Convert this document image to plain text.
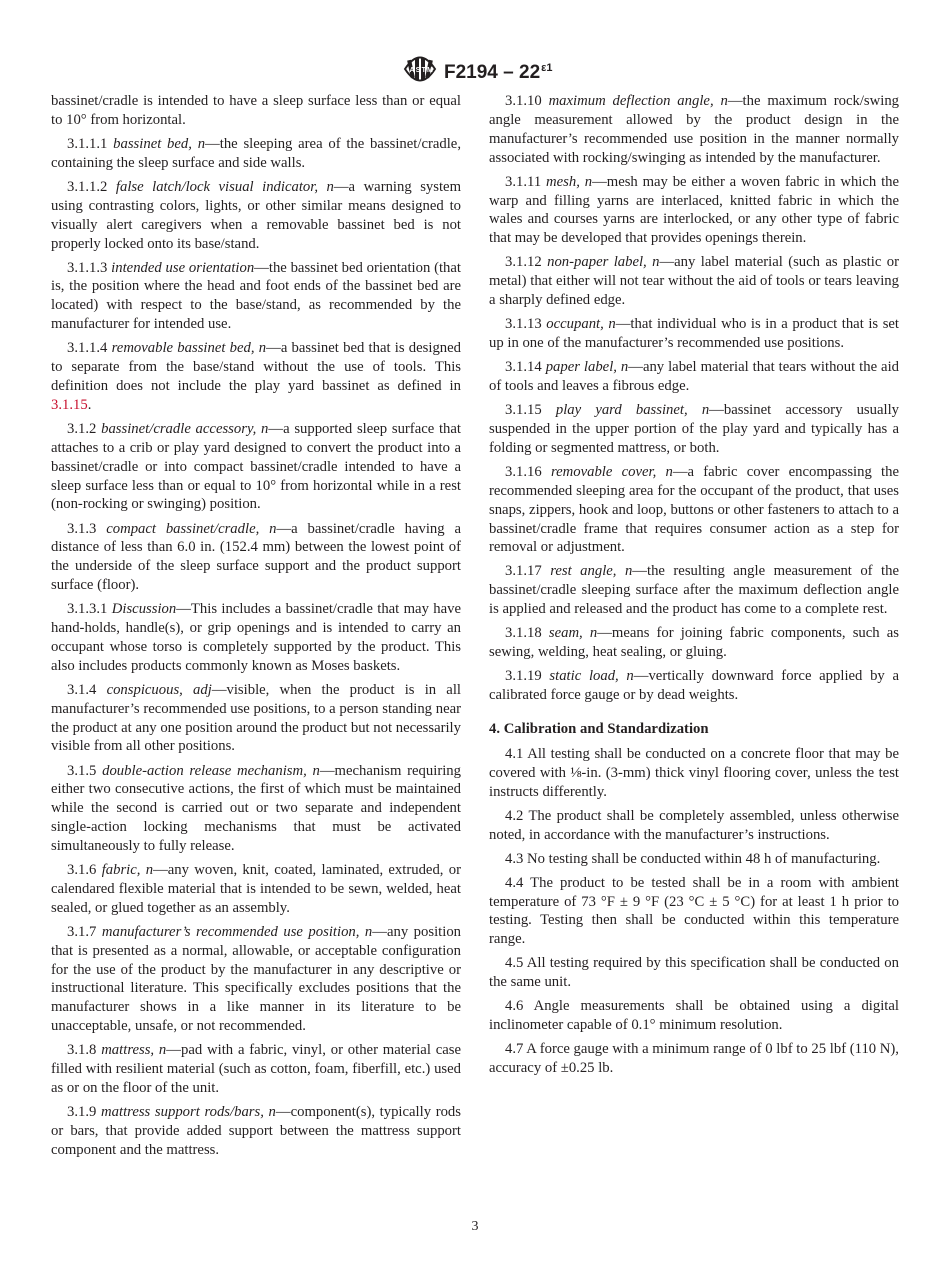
A S T M $F2194 - 22^{\varepsilon 1}$

bassinet/cradle is intended to have a sleep surface less than or equal to 10° from horizontal.

3.1.1.1 bassinet bed, n—the sleeping area of the bassinet/cradle, containing the sleep surface and side walls.

3.1.1.2 false latch/lock visual indicator, n—a warning system using contrasting colors, lights, or other similar means designed to visually alert caregivers when a removable bassinet bed is not properly locked onto its base/stand.

3.1.1.3 intended use orientation—the bassinet bed orientation (that is, the position where the head and foot ends of the bassinet bed are located) with respect to the base/stand, as recommended by the manufacturer for intended use.

3.1.1.4 removable bassinet bed, n—a bassinet bed that is designed to separate from the base/stand without the use of tools. This definition does not include the play yard bassinet as defined in 3.1.15.

3.1.2 bassinet/cradle accessory, n—a supported sleep surface that attaches to a crib or play yard designed to convert the product into a bassinet/cradle or into compact bassinet/cradle intended to have a sleep surface less than or equal to 10° from horizontal while in a rest (non-rocking or swinging) position.

3.1.3 compact bassinet/cradle, n—a bassinet/cradle having a distance of less than 6.0 in. (152.4 mm) between the lowest point of the underside of the sleep surface support and the product support surface (floor).

3.1.3.1 Discussion—This includes a bassinet/cradle that may have hand-holds, handle(s), or grip openings and is intended to carry an occupant whose torso is completely supported by the product. This also includes products commonly known as Moses baskets.

3.1.4 conspicuous, adj—visible, when the product is in all manufacturer’s recommended use positions, to a person standing near the product at any one position around the product but not necessarily visible from all other positions.

3.1.5 double-action release mechanism, n—mechanism requiring either two consecutive actions, the first of which must be maintained while the second is carried out or two separate and independent single-action locking mechanisms that must be activated simultaneously to fully release.

3.1.6 fabric, n—any woven, knit, coated, laminated, extruded, or calendared flexible material that is intended to be sewn, welded, heat sealed, or glued together as an assembly.

3.1.7 manufacturer’s recommended use position, n—any position that is presented as a normal, allowable, or acceptable configuration for the use of the product by the manufacturer in any descriptive or instructional literature. This specifically excludes positions that the manufacturer shows in a like manner in its literature to be unacceptable, unsafe, or not recommended.

3.1.8 mattress, n—pad with a fabric, vinyl, or other material case filled with resilient material (such as cotton, foam, fiberfill, etc.) used as or on the floor of the unit.

3.1.9 mattress support rods/bars, n—component(s), typically rods or bars, that provide added support between the mattress support component and the mattress.

3.1.10 maximum deflection angle, n—the maximum rock/swing angle measurement allowed by the product design in the manufacturer’s recommended use position in the manner normally associated with rocking/swinging as intended by the manufacturer.

3.1.11 mesh, n—mesh may be either a woven fabric in which the warp and filling yarns are interlaced, knitted fabric in which the wales and courses yarns are interlocked, or any other type of fabric that may be developed that provides openings therein.

3.1.12 non-paper label, n—any label material (such as plastic or metal) that either will not tear without the aid of tools or tears leaving a sharply defined edge.

3.1.13 occupant, n—that individual who is in a product that is set up in one of the manufacturer’s recommended use positions.

3.1.14 paper label, n—any label material that tears without the aid of tools and leaves a fibrous edge.

3.1.15 play yard bassinet, n—bassinet accessory usually suspended in the upper portion of the play yard and typically has a folding or segmented mattress, or both.

3.1.16 removable cover, n—a fabric cover encompassing the recommended sleeping area for the occupant of the product, that uses snaps, zippers, hook and loop, buttons or other fasteners to attach to a bassinet/cradle frame that requires consumer action as a step for removal or adjustment.

3.1.17 rest angle, n—the resulting angle measurement of the bassinet/cradle sleeping surface after the maximum deflection angle is applied and released and the product has come to a complete rest.

3.1.18 seam, n—means for joining fabric components, such as sewing, welding, heat sealing, or gluing.

3.1.19 static load, n—vertically downward force applied by a calibrated force gauge or by dead weights.

4. Calibration and Standardization

4.1 All testing shall be conducted on a concrete floor that may be covered with ⅛-in. (3-mm) thick vinyl flooring cover, unless the test instructs differently.

4.2 The product shall be completely assembled, unless otherwise noted, in accordance with the manufacturer’s instructions.

4.3 No testing shall be conducted within 48 h of manufacturing.

4.4 The product to be tested shall be in a room with ambient temperature of 73 °F ± 9 °F (23 °C ± 5 °C) for at least 1 h prior to testing. Testing then shall be conducted within this temperature range.

4.5 All testing required by this specification shall be conducted on the same unit.

4.6 Angle measurements shall be obtained using a digital inclinometer capable of 0.1° minimum resolution.

4.7 A force gauge with a minimum range of 0 lbf to 25 lbf (110 N), accuracy of ±0.25 lb.

3
